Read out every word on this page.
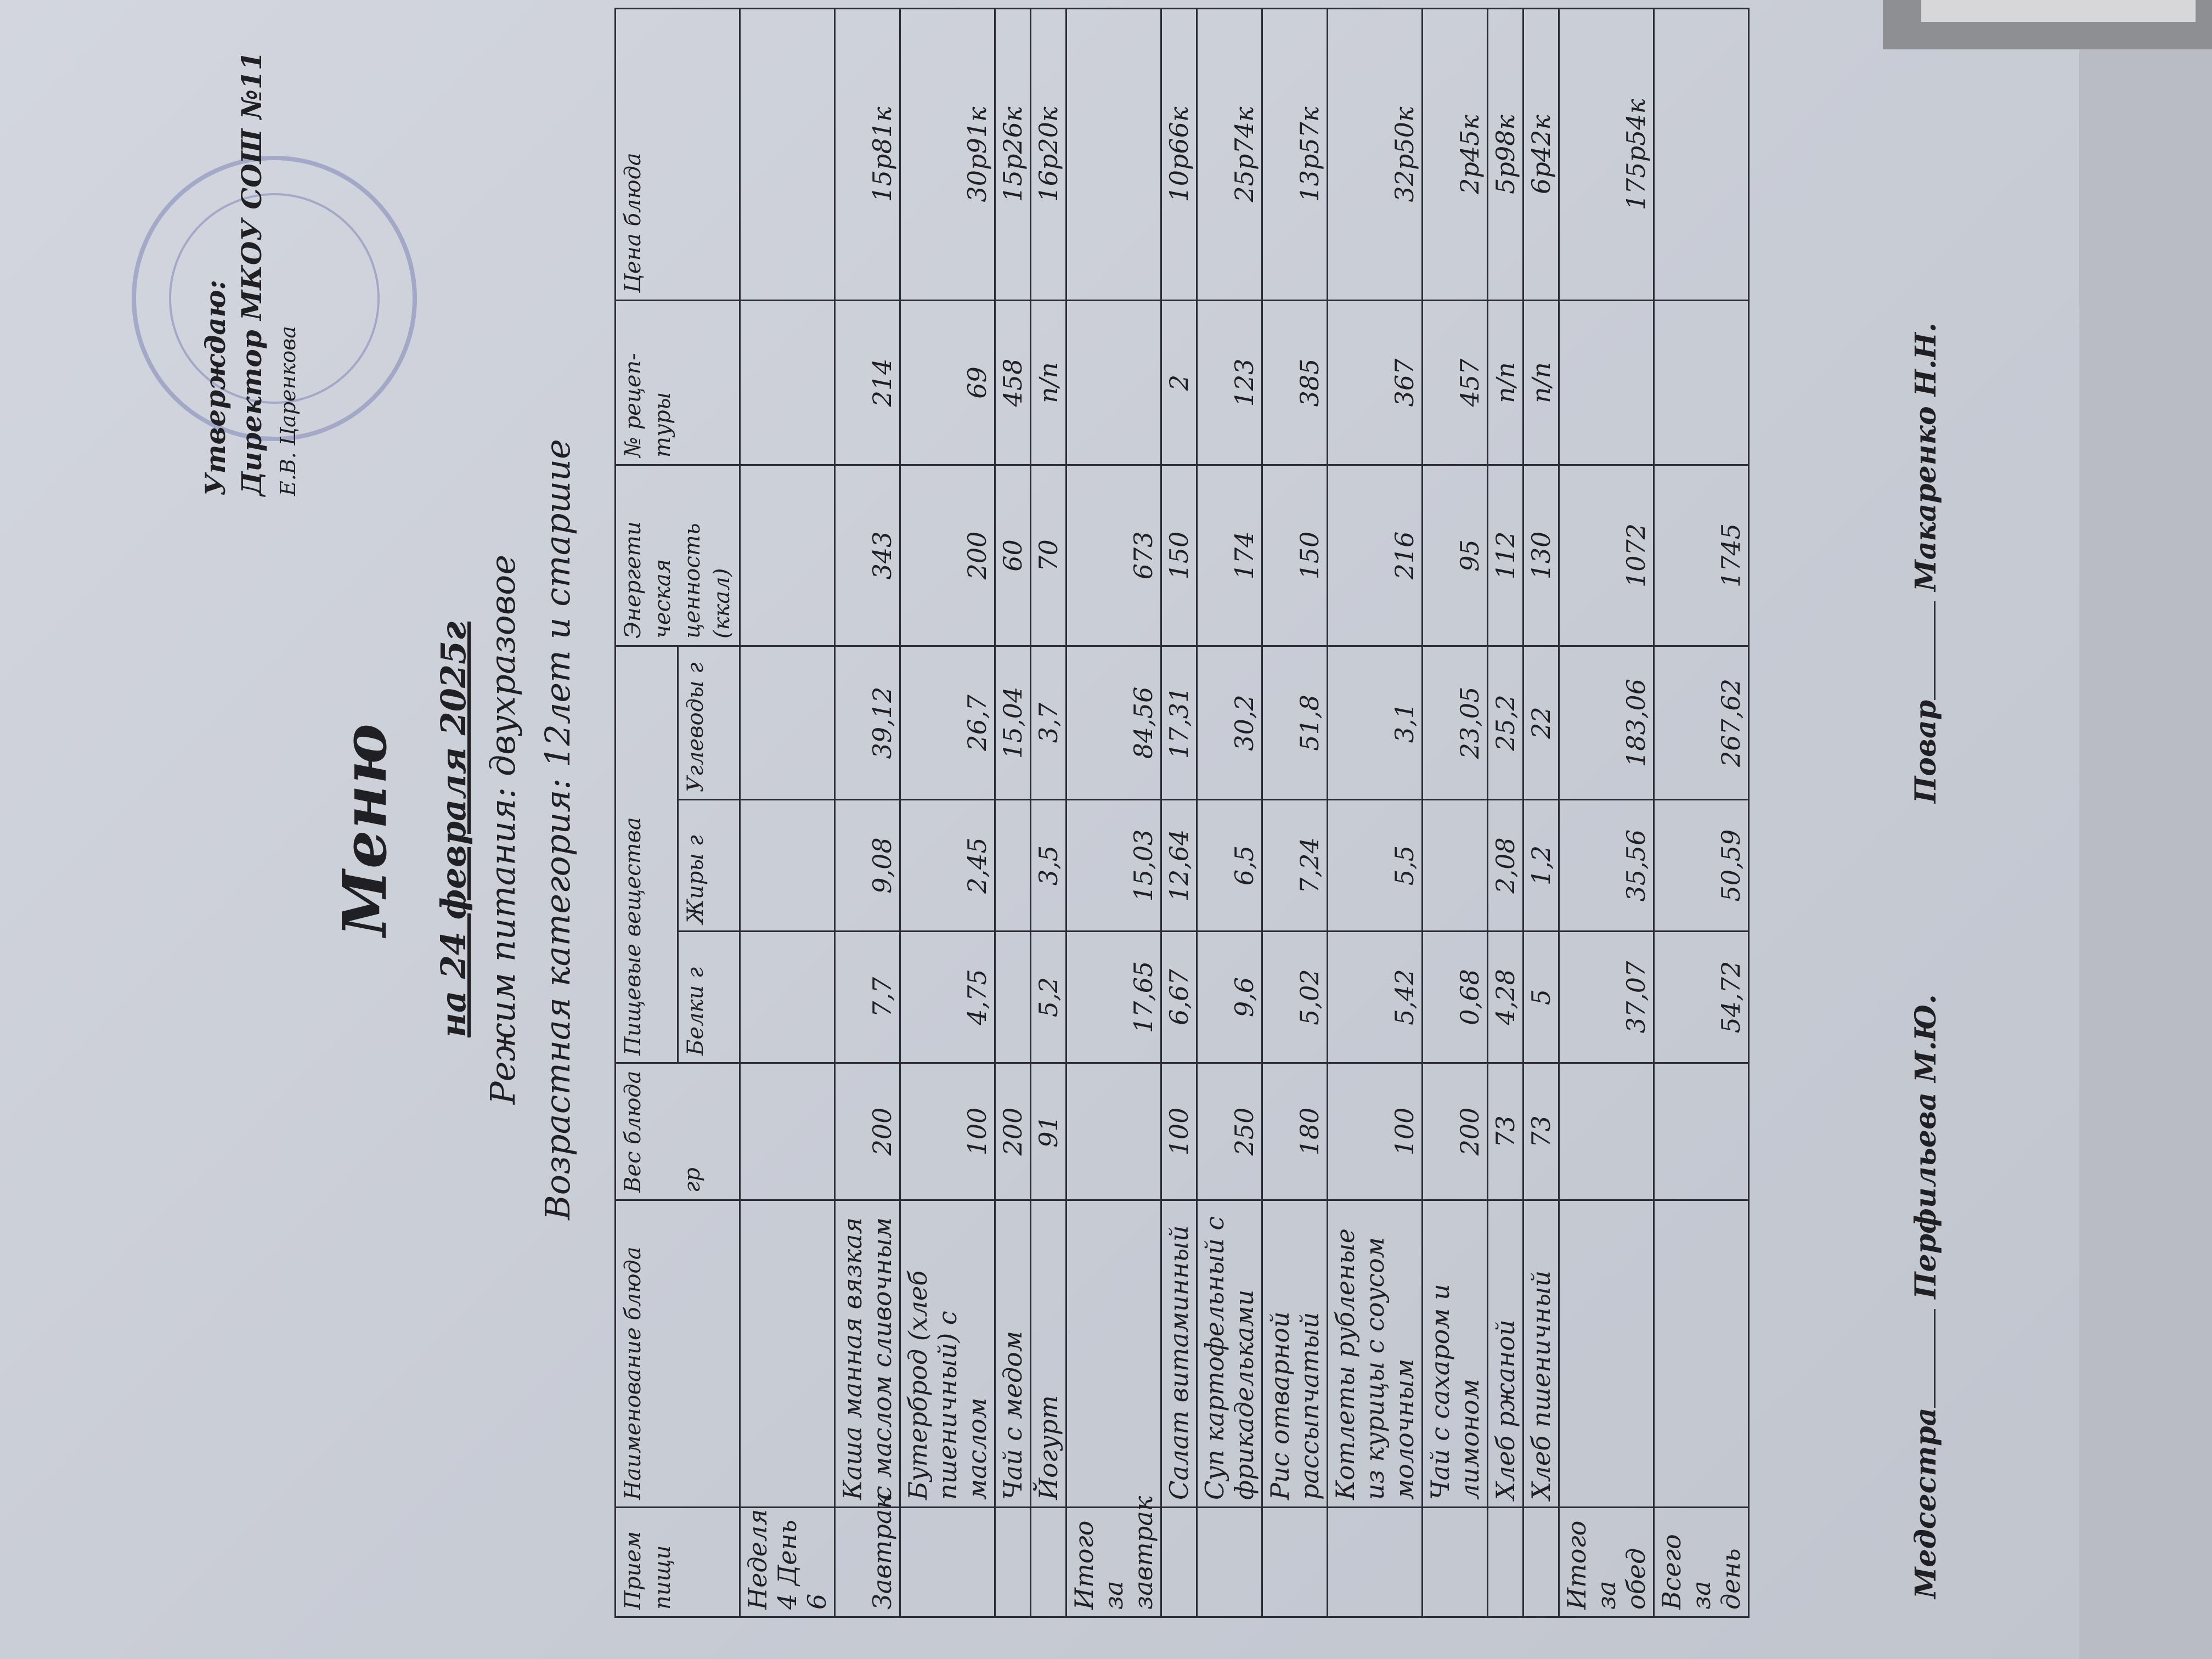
Утверждаю: Директор МКОУ СОШ №11 Е.В. Царенкова
Меню на 24 февраля 2025г Режим питания: двухразовое Возрастная категория: 12лет и старшие
Прием пищи	Наименование блюда	Вес блюда гр	Пищевые вещества			Энергети ческая ценность (ккал)	№ рецеп- туры	Цена блюда
			Белки г	Жиры г	Углеводы г			
Неделя 4 День 6								
Завтрак	Каша манная вязкая с маслом сливочным	200	7,7	9,08	39,12	343	214	15р81к
	Бутерброд (хлеб пшеничный) с маслом	100	4,75	2,45	26,7	200	69	30р91к
	Чай с медом	200			15,04	60	458	15р26к
	Йогурт	91	5,2	3,5	3,7	70	п/п	16р20к
Итого за завтрак			17,65	15,03	84,56	673		
	Салат витаминный	100	6,67	12,64	17,31	150	2	10р66к
	Суп картофельный с фрикадельками	250	9,6	6,5	30,2	174	123	25р74к
	Рис отварной рассыпчатый	180	5,02	7,24	51,8	150	385	13р57к
	Котлеты рубленые из курицы с соусом молочным	100	5,42	5,5	3,1	216	367	32р50к
	Чай с сахаром и лимоном	200	0,68		23,05	95	457	2р45к
	Хлеб ржаной	73	4,28	2,08	25,2	112	п/п	5р98к
	Хлеб пшеничный	73	5	1,2	22	130	п/п	6р42к
Итого за обед			37,07	35,56	183,06	1072		175р54к
Всего за день			54,72	50,59	267,62	1745		
Медсестра Перфильева М.Ю.
Повар Макаренко Н.Н.
